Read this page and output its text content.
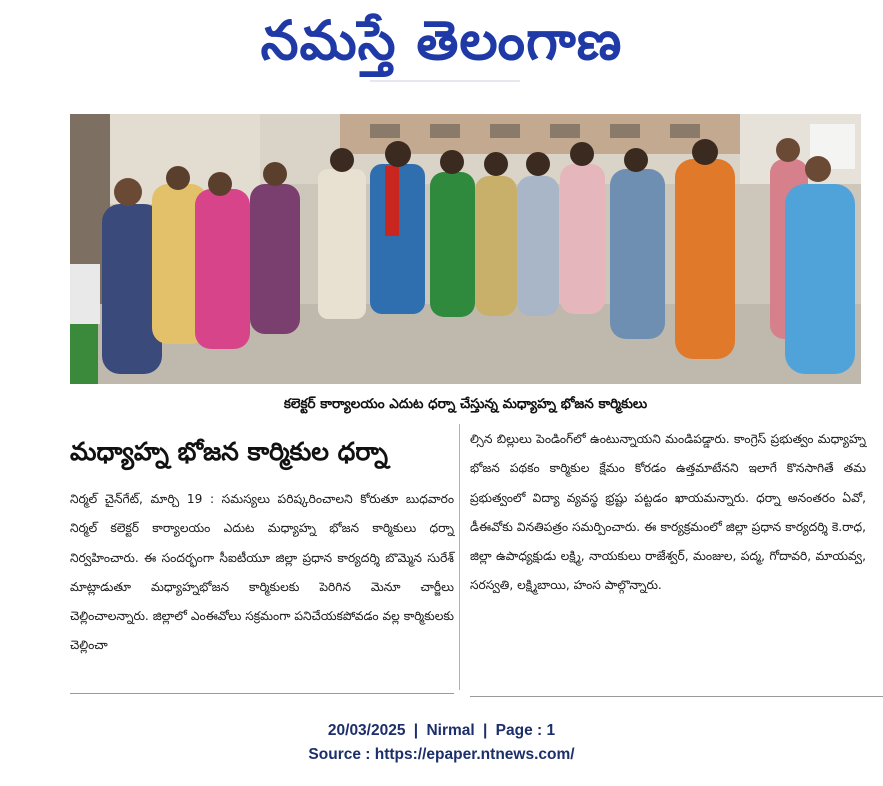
నమస్తే తెలంగాణ
కలెక్టర్ కార్యాలయం ఎదుట ధర్నా చేస్తున్న మధ్యాహ్న భోజన కార్మికులు
మధ్యాహ్న భోజన కార్మికుల ధర్నా
నిర్మల్ చైన్‌గేట్, మార్చి 19 : సమస్యలు పరిష్కరించాలని కోరుతూ బుధవారం నిర్మల్ కలెక్టర్ కార్యాలయం ఎదుట మధ్యాహ్న భోజన కార్మికులు ధర్నా నిర్వహించారు. ఈ సందర్భంగా సీఐటీయూ జిల్లా ప్రధాన కార్యదర్శి బొమ్మెన సురేశ్ మాట్లాడుతూ మధ్యాహ్నభోజన కార్మికులకు పెరిగిన మెనూ చార్జీలు చెల్లించాలన్నారు. జిల్లాలో ఎంఈవోలు సక్రమంగా పనిచేయకపోవడం వల్ల కార్మికులకు చెల్లించా
ల్సిన బిల్లులు పెండింగ్‌లో ఉంటున్నాయని మండిపడ్డారు. కాంగ్రెస్ ప్రభుత్వం మధ్యాహ్న భోజన పథకం కార్మికుల క్షేమం కోరడం ఉత్తమాటేనని ఇలాగే కొనసాగితే తమ ప్రభుత్వంలో విద్యా వ్యవస్థ భ్రష్టు పట్టడం ఖాయమన్నారు. ధర్నా అనంతరం ఏవో, డీఈవోకు వినతిపత్రం సమర్పించారు. ఈ కార్యక్రమంలో జిల్లా ప్రధాన కార్యదర్శి కె.రాధ, జిల్లా ఉపాధ్యక్షుడు లక్ష్మి, నాయకులు రాజేశ్వర్, మంజుల, పద్మ, గోదావరి, మాయవ్వ, సరస్వతి, లక్ష్మిబాయి, హంస పాల్గొన్నారు.
20/03/2025 | Nirmal | Page : 1
Source : https://epaper.ntnews.com/
